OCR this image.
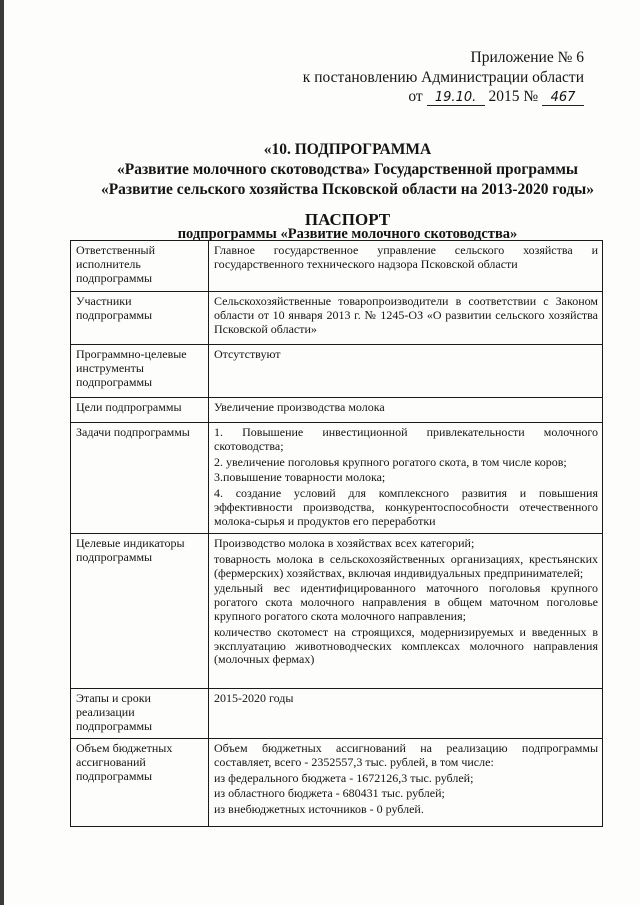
Приложение № 6
к постановлению Администрации области
от 19.10. 2015 № 467
«10. ПОДПРОГРАММА
«Развитие молочного скотоводства» Государственной программы
«Развитие сельского хозяйства Псковской области на 2013-2020 годы»
ПАСПОРТ
подпрограммы «Развитие молочного скотоводства»
Ответственный исполнитель подпрограммы	Главное государственное управление сельского хозяйства и государственного технического надзора Псковской области

Участники подпрограммы	Сельскохозяйственные товаропроизводители в соответствии с Законом области от 10 января 2013 г. № 1245-ОЗ «О развитии сельского хозяйства Псковской области»

Программно-целевые инструменты подпрограммы	Отсутствуют

Цели подпрограммы	Увеличение производства молока

Задачи подпрограммы	1. Повышение инвестиционной привлекательности молочного скотоводства;

2. увеличение поголовья крупного рогатого скота, в том числе коров;

3.повышение товарности молока;

4. создание условий для комплексного развития и повышения эффективности производства, конкурентоспособности отечественного молока-сырья и продуктов его переработки

Целевые индикаторы подпрограммы	Производство молока в хозяйствах всех категорий;

товарность молока в сельскохозяйственных организациях, крестьянских (фермерских) хозяйствах, включая индивидуальных предпринимателей;

удельный вес идентифицированного маточного поголовья крупного рогатого скота молочного направления в общем маточном поголовье крупного рогатого скота молочного направления;

количество скотомест на строящихся, модернизируемых и введенных в эксплуатацию животноводческих комплексах молочного направления (молочных фермах)

Этапы и сроки реализации подпрограммы	2015-2020 годы

Объем бюджетных ассигнований подпрограммы	Объем бюджетных ассигнований на реализацию подпрограммы составляет, всего - 2352557,3 тыс. рублей, в том числе:

из федерального бюджета - 1672126,3 тыс. рублей;

из областного бюджета - 680431 тыс. рублей;

из внебюджетных источников - 0 рублей.
